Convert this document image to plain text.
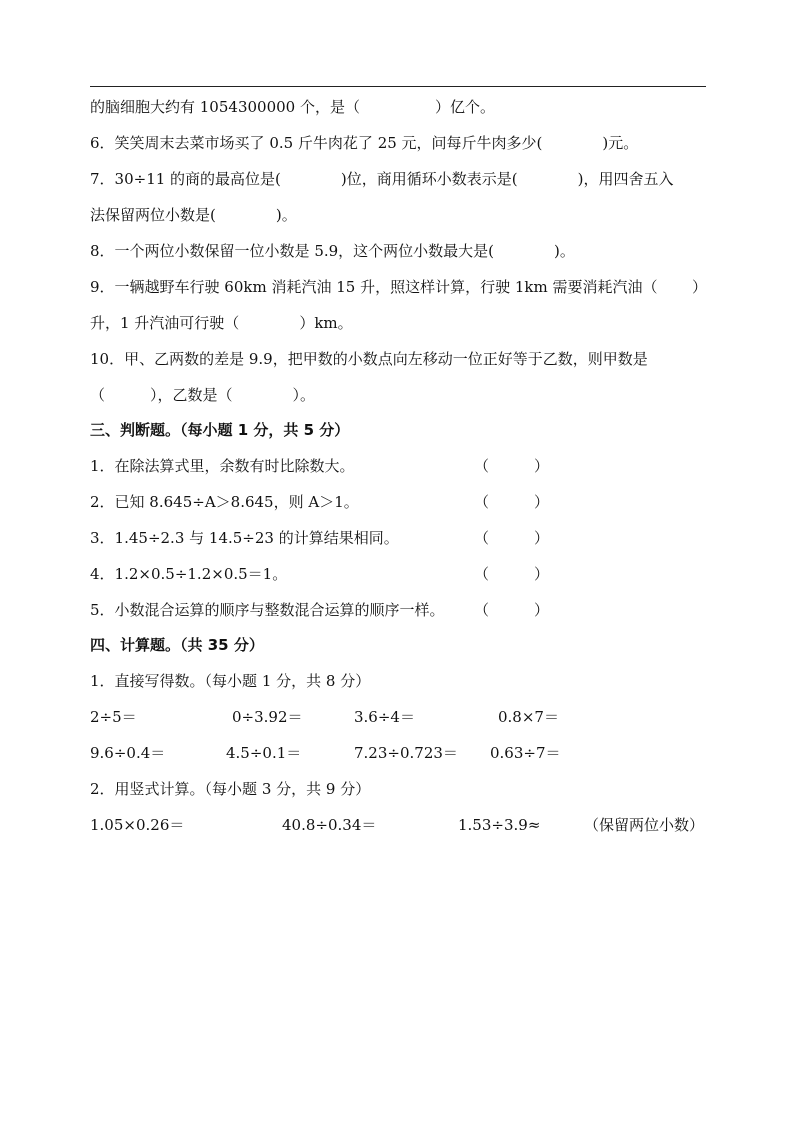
的脑细胞大约有 1054300000 个，是（　　　　　）亿个。
6．笑笑周末去菜市场买了 0.5 斤牛肉花了 25 元，问每斤牛肉多少(　　　　)元。
7．30÷11 的商的最高位是(　　　　)位，商用循环小数表示是(　　　　)，用四舍五入
法保留两位小数是(　　　　)。
8．一个两位小数保留一位小数是 5.9，这个两位小数最大是(　　　　)。
9．一辆越野车行驶 60km 消耗汽油 15 升，照这样计算，行驶 1km 需要消耗汽油（ ）
升，1 升汽油可行驶（　　　　）km。
10．甲、乙两数的差是 9.9，把甲数的小数点向左移动一位正好等于乙数，则甲数是
（　　　），乙数是（　　　　）。
三、判断题。（每小题 1 分，共 5 分）
1．在除法算式里，余数有时比除数大。	（　　　）
2．已知 8.645÷A＞8.645，则 A＞1。	（　　　）
3．1.45÷2.3 与 14.5÷23 的计算结果相同。	（　　　）
4．1.2×0.5÷1.2×0.5＝1。	（　　　）
5．小数混合运算的顺序与整数混合运算的顺序一样。 （　　　）
四、计算题。（共 35 分）
1．直接写得数。（每小题 1 分，共 8 分）
2÷5＝	0÷3.92＝	3.6÷4＝	0.8×7＝
9.6÷0.4＝	4.5÷0.1＝	7.23÷0.723＝ 0.63÷7＝
2．用竖式计算。（每小题 3 分，共 9 分）
1.05×0.26＝	40.8÷0.34＝	1.53÷3.9≈	（保留两位小数）
